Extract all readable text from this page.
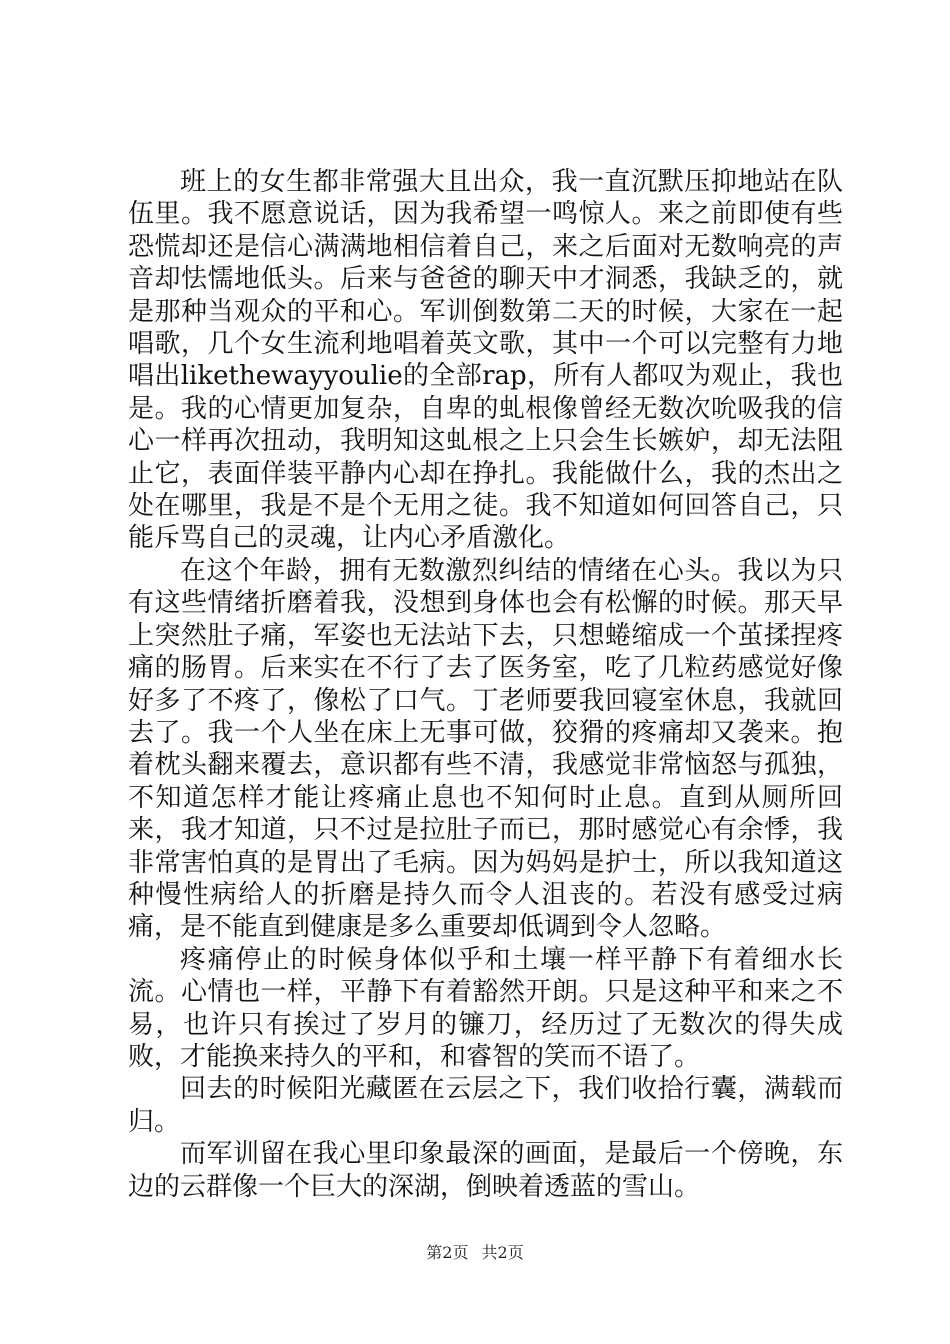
班上的女生都非常强大且出众，我一直沉默压抑地站在队伍里。我不愿意说话，因为我希望一鸣惊人。来之前即使有些恐慌却还是信心满满地相信着自己，来之后面对无数响亮的声音却怯懦地低头。后来与爸爸的聊天中才洞悉，我缺乏的，就是那种当观众的平和心。军训倒数第二天的时候，大家在一起唱歌，几个女生流利地唱着英文歌，其中一个可以完整有力地唱出likethewayyoulie的全部rap，所有人都叹为观止，我也是。我的心情更加复杂，自卑的虬根像曾经无数次吮吸我的信心一样再次扭动，我明知这虬根之上只会生长嫉妒，却无法阻止它，表面佯装平静内心却在挣扎。我能做什么，我的杰出之处在哪里，我是不是个无用之徒。我不知道如何回答自己，只能斥骂自己的灵魂，让内心矛盾激化。

在这个年龄，拥有无数激烈纠结的情绪在心头。我以为只有这些情绪折磨着我，没想到身体也会有松懈的时候。那天早上突然肚子痛，军姿也无法站下去，只想蜷缩成一个茧揉捏疼痛的肠胃。后来实在不行了去了医务室，吃了几粒药感觉好像好多了不疼了，像松了口气。丁老师要我回寝室休息，我就回去了。我一个人坐在床上无事可做，狡猾的疼痛却又袭来。抱着枕头翻来覆去，意识都有些不清，我感觉非常恼怒与孤独，不知道怎样才能让疼痛止息也不知何时止息。直到从厕所回来，我才知道，只不过是拉肚子而已，那时感觉心有余悸，我非常害怕真的是胃出了毛病。因为妈妈是护士，所以我知道这种慢性病给人的折磨是持久而令人沮丧的。若没有感受过病痛，是不能直到健康是多么重要却低调到令人忽略。

疼痛停止的时候身体似乎和土壤一样平静下有着细水长流。心情也一样，平静下有着豁然开朗。只是这种平和来之不易，也许只有挨过了岁月的镰刀，经历过了无数次的得失成败，才能换来持久的平和，和睿智的笑而不语了。

回去的时候阳光藏匿在云层之下，我们收拾行囊，满载而归。

而军训留在我心里印象最深的画面，是最后一个傍晚，东边的云群像一个巨大的深湖，倒映着透蓝的雪山。

第2页 共2页
